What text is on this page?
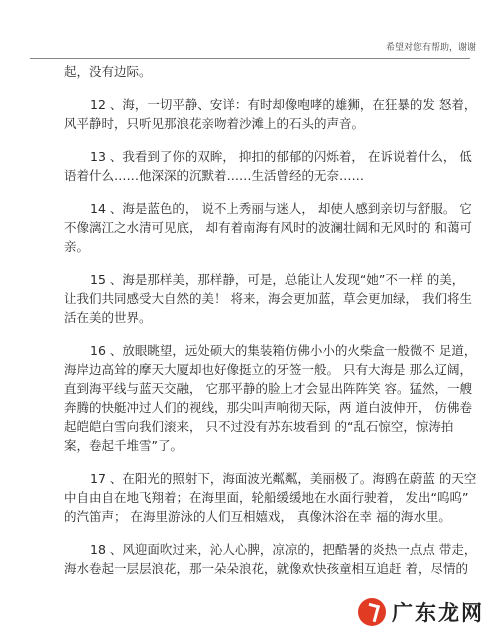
希望对您有帮助，谢谢

起，没有边际。

12 、海，一切平静、安详：有时却像咆哮的雄狮，在狂暴的发 怒着，
风平静时，只听见那浪花亲吻着沙滩上的石头的声音。

13 、我看到了你的双眸， 抑扣的郁郁的闪烁着， 在诉说着什么， 低
语着什么……他深深的沉默着……生活曾经的无奈……

14 、海是蓝色的， 说不上秀丽与迷人， 却使人感到亲切与舒服。 它
不像漓江之水清可见底， 却有着南海有风时的波澜壮阔和无风时的 和蔼可
亲。

15 、海是那样美，那样静，可是，总能让人发现“她”不一样 的美，
让我们共同感受大自然的美！ 将来，海会更加蓝，草会更加绿， 我们将生
活在美的世界。

16 、放眼眺望，远处硕大的集装箱仿佛小小的火柴盒一般微不 足道，
海岸边高耸的摩天大厦却也好像挺立的牙签一般。 只有大海是 那么辽阔，
直到海平线与蓝天交融， 它那平静的脸上才会显出阵阵笑 容。猛然，一艘
奔腾的快艇冲过人们的视线，那尖叫声响彻天际，两 道白波伸开， 仿佛卷
起皑皑白雪向我们滚来， 只不过没有苏东坡看到 的“乱石惊空，惊涛拍
案，卷起千堆雪”了。

17 、在阳光的照射下，海面波光粼粼，美丽极了。海鸥在蔚蓝 的天空
中自由自在地飞翔着；在海里面，轮船缓缓地在水面行驶着， 发出“呜呜”
的汽笛声； 在海里游泳的人们互相嬉戏， 真像沐浴在幸 福的海水里。

18 、风迎面吹过来，沁人心脾，凉凉的，把酷暑的炎热一点点 带走，
海水卷起一层层浪花，那一朵朵浪花，就像欢快孩童相互追赶 着，尽情的

广东龙网
